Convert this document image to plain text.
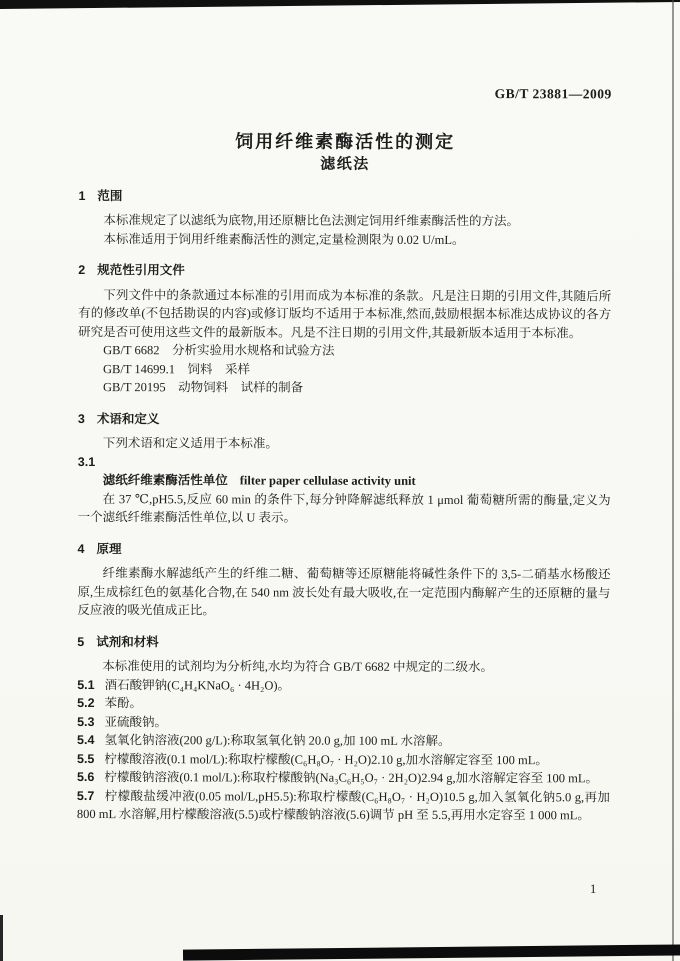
GB/T 23881—2009
饲用纤维素酶活性的测定
滤纸法
1 范围
本标准规定了以滤纸为底物,用还原糖比色法测定饲用纤维素酶活性的方法。
本标准适用于饲用纤维素酶活性的测定,定量检测限为 0.02 U/mL。
2 规范性引用文件
下列文件中的条款通过本标准的引用而成为本标准的条款。凡是注日期的引用文件,其随后所有的修改单(不包括勘误的内容)或修订版均不适用于本标准,然而,鼓励根据本标准达成协议的各方研究是否可使用这些文件的最新版本。凡是不注日期的引用文件,其最新版本适用于本标准。
GB/T 6682　分析实验用水规格和试验方法
GB/T 14699.1　饲料　采样
GB/T 20195　动物饲料　试样的制备
3 术语和定义
下列术语和定义适用于本标准。
3.1
滤纸纤维素酶活性单位 filter paper cellulase activity unit
在 37 ℃,pH5.5,反应 60 min 的条件下,每分钟降解滤纸释放 1 μmol 葡萄糖所需的酶量,定义为一个滤纸纤维素酶活性单位,以 U 表示。
4 原理
纤维素酶水解滤纸产生的纤维二糖、葡萄糖等还原糖能将碱性条件下的 3,5-二硝基水杨酸还原,生成棕红色的氨基化合物,在 540 nm 波长处有最大吸收,在一定范围内酶解产生的还原糖的量与反应液的吸光值成正比。
5 试剂和材料
本标准使用的试剂均为分析纯,水均为符合 GB/T 6682 中规定的二级水。
5.1 酒石酸钾钠(C₄H₄KNaO₆ · 4H₂O)。
5.2 苯酚。
5.3 亚硫酸钠。
5.4 氢氧化钠溶液(200 g/L):称取氢氧化钠 20.0 g,加 100 mL 水溶解。
5.5 柠檬酸溶液(0.1 mol/L):称取柠檬酸(C₆H₈O₇ · H₂O)2.10 g,加水溶解定容至 100 mL。
5.6 柠檬酸钠溶液(0.1 mol/L):称取柠檬酸钠(Na₃C₆H₅O₇ · 2H₂O)2.94 g,加水溶解定容至 100 mL。
5.7 柠檬酸盐缓冲液(0.05 mol/L,pH5.5):称取柠檬酸(C₆H₈O₇ · H₂O)10.5 g,加入氢氧化钠5.0 g,再加 800 mL 水溶解,用柠檬酸溶液(5.5)或柠檬酸钠溶液(5.6)调节 pH 至 5.5,再用水定容至 1 000 mL。
1
